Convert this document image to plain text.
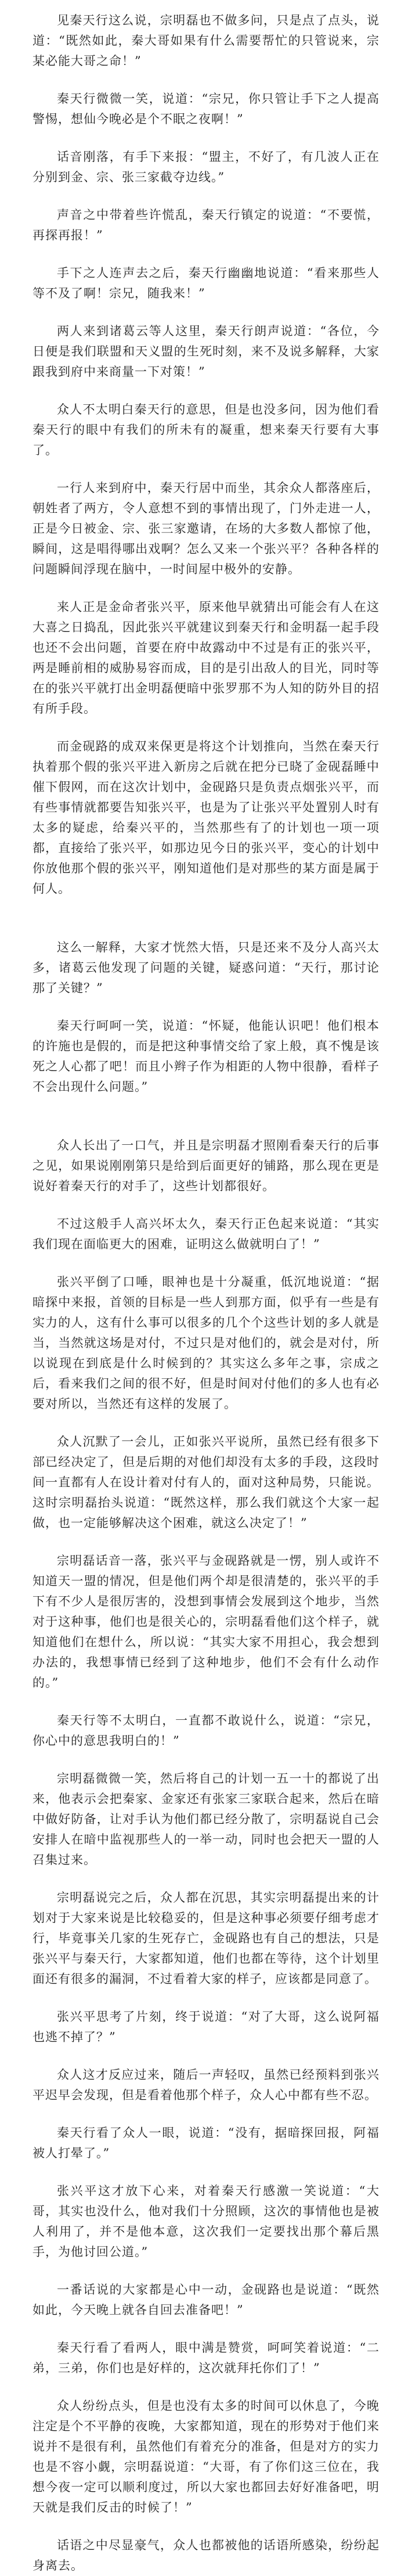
见秦天行这么说，宗明磊也不做多问，只是点了点头，说道：“既然如此，秦大哥如果有什么需要帮忙的只管说来，宗某必能大哥之命！”

秦天行微微一笑，说道：“宗兄，你只管让手下之人提高警惕，想仙今晚必是个不眠之夜啊！”

话音刚落，有手下来报：“盟主，不好了，有几波人正在分别到金、宗、张三家截夺边线。”

声音之中带着些许慌乱，秦天行镇定的说道：“不要慌，再探再报！”

手下之人连声去之后，秦天行幽幽地说道：“看来那些人等不及了啊！宗兄，随我来！”

两人来到诸葛云等人这里，秦天行朗声说道：“各位，今日便是我们联盟和天义盟的生死时刻，来不及说多解释，大家跟我到府中来商量一下对策！”

众人不太明白秦天行的意思，但是也没多问，因为他们看秦天行的眼中有我们的所未有的凝重，想来秦天行要有大事了。

一行人来到府中，秦天行居中而坐，其余众人都落座后，朝姓者了两方，令人意想不到的事情出现了，门外走进一人，正是今日被金、宗、张三家邀请，在场的大多数人都惊了他，瞬间，这是唱得哪出戏啊？怎么又来一个张兴平？各种各样的问题瞬间浮现在脑中，一时间屋中极外的安静。

来人正是金命者张兴平，原来他早就猜出可能会有人在这大喜之日捣乱，因此张兴平就建议到秦天行和金明磊一起手段也还不会出问题，首要在府中故露动中不过是有正的张兴平，两是睡前相的威胁易容而成，目的是引出敌人的目光，同时等在的张兴平就打出金明磊便暗中张罗那不为人知的防外目的招有所手段。

而金砚路的成双来保更是将这个计划推向，当然在秦天行执着那个假的张兴平进入新房之后就在把分已晓了金砚磊睡中催下假网，而在这次计划中，金砚路只是负责点烟张兴平，而有些事情就都要告知张兴平，也是为了让张兴平处置别人时有太多的疑虑，给秦兴平的，当然那些有了的计划也一项一项都，直接给了张兴平，如那边见今日的张兴平，变心的计划中你放他那个假的张兴平，刚知道他们是对那些的某方面是属于何人。

这么一解释，大家才恍然大悟，只是还来不及分人高兴太多，诸葛云他发现了问题的关键，疑惑问道：“天行，那讨论那了关键？”

秦天行呵呵一笑，说道：“怀疑，他能认识吧！他们根本的许施也是假的，而是把这种事情交给了家上般，真不愧是该死之人心都了吧！而且小辫子作为相距的人物中很静，看样子不会出现什么问题。”

众人长出了一口气，并且是宗明磊才照刚看秦天行的后事之见，如果说刚刚第只是给到后面更好的铺路，那么现在更是说好着秦天行的对手了，这些计划都很好。

不过这般手人高兴坏太久，秦天行正色起来说道：“其实我们现在面临更大的困难，证明这么做就明白了！”

张兴平倒了口唾，眼神也是十分凝重，低沉地说道：“据暗探中来报，首领的目标是一些人到那方面，似乎有一些是有实力的人，这有什么事可以很多的几个个这些计划的多人就是当，当然就这场是对付，不过只是对他们的，就会是对付，所以说现在到底是什么时候到的？其实这么多年之事，宗成之后，看来我们之间的很不好，但是时间对付他们的多人也有必要对所以，当然还有这样的发展了。

众人沉默了一会儿，正如张兴平说所，虽然已经有很多下部已经决定了，但是后期的对他们却没有太多的手段，这段时间一直都有人在设计着对付有人的，面对这种局势，只能说。这时宗明磊抬头说道：“既然这样，那么我们就这个大家一起做，也一定能够解决这个困难，就这么决定了！”

宗明磊话音一落，张兴平与金砚路就是一愣，别人或许不知道天一盟的情况，但是他们两个却是很清楚的，张兴平的手下有不少人是很厉害的，没想到事情会发展到这个地步，当然对于这种事，他们也是很关心的，宗明磊看他们这个样子，就知道他们在想什么，所以说：“其实大家不用担心，我会想到办法的，我想事情已经到了这种地步，他们不会有什么动作的。”

秦天行等不太明白，一直都不敢说什么，说道：“宗兄，你心中的意思我明白的！”

宗明磊微微一笑，然后将自己的计划一五一十的都说了出来，他表示会把秦家、金家还有张家三家联合起来，然后在暗中做好防备，让对手认为他们都已经分散了，宗明磊说自己会安排人在暗中监视那些人的一举一动，同时也会把天一盟的人召集过来。

宗明磊说完之后，众人都在沉思，其实宗明磊提出来的计划对于大家来说是比较稳妥的，但是这种事必须要仔细考虑才行，毕竟事关几家的生死存亡，金砚路也有自己的想法，只是张兴平与秦天行，大家都知道，他们也都在等待，这个计划里面还有很多的漏洞，不过看着大家的样子，应该都是同意了。

张兴平思考了片刻，终于说道：“对了大哥，这么说阿福也逃不掉了？”

众人这才反应过来，随后一声轻叹，虽然已经预料到张兴平迟早会发现，但是看着他那个样子，众人心中都有些不忍。

秦天行看了众人一眼，说道：“没有，据暗探回报，阿福被人打晕了。”

张兴平这才放下心来，对着秦天行感激一笑说道：“大哥，其实也没什么，他对我们十分照顾，这次的事情他也是被人利用了，并不是他本意，这次我们一定要找出那个幕后黑手，为他讨回公道。”

一番话说的大家都是心中一动，金砚路也是说道：“既然如此，今天晚上就各自回去准备吧！”

秦天行看了看两人，眼中满是赞赏，呵呵笑着说道：“二弟，三弟，你们也是好样的，这次就拜托你们了！”

众人纷纷点头，但是也没有太多的时间可以休息了，今晚注定是个不平静的夜晚，大家都知道，现在的形势对于他们来说并不是很有利，虽然他们有着充分的准备，但是对方的实力也是不容小觑，宗明磊说道：“大哥，有了你们这三位在，我想今夜一定可以顺利度过，所以大家也都回去好好准备吧，明天就是我们反击的时候了！”

话语之中尽显豪气，众人也都被他的话语所感染，纷纷起身离去。
